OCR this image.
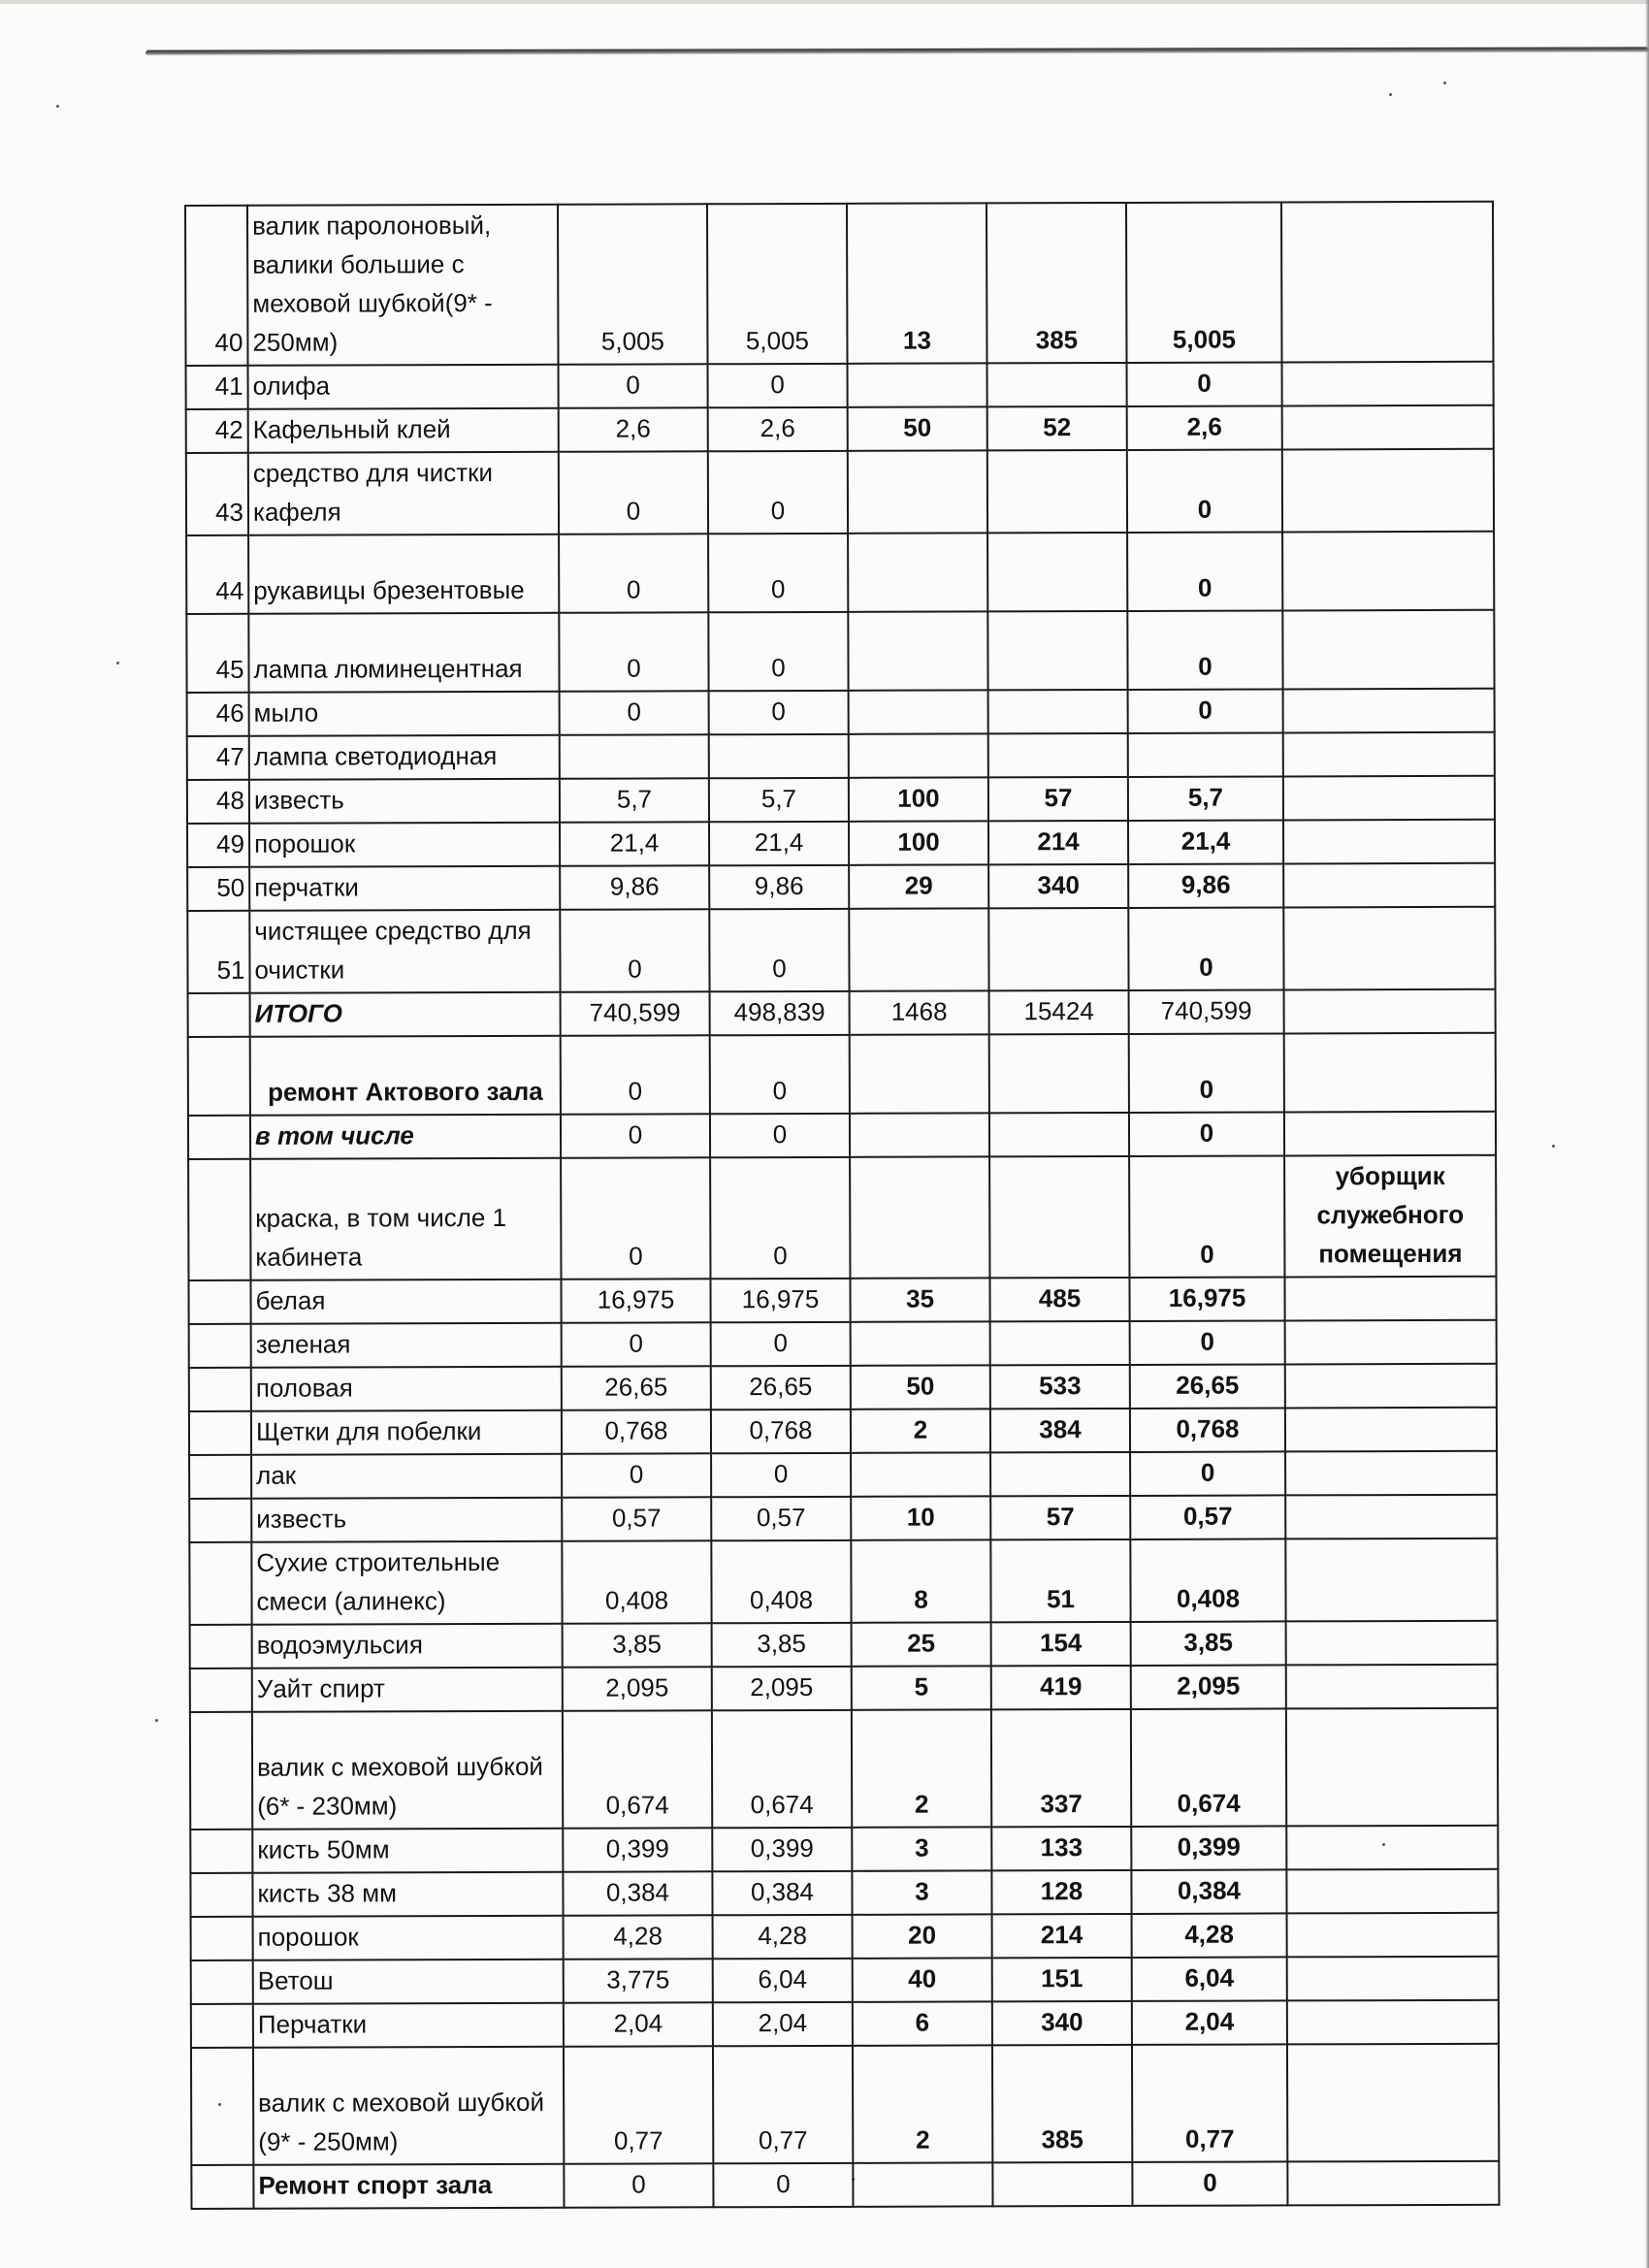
40	валик паролоновый, валики большие с меховой шубкой(9* - 250мм)	5,005	5,005	13	385	5,005	
41	олифа	0	0			0	
42	Кафельный клей	2,6	2,6	50	52	2,6	
43	средство для чистки кафеля	0	0			0	
44	рукавицы брезентовые	0	0			0	
45	лампа люминецентная	0	0			0	
46	мыло	0	0			0	
47	лампа светодиодная						
48	известь	5,7	5,7	100	57	5,7	
49	порошок	21,4	21,4	100	214	21,4	
50	перчатки	9,86	9,86	29	340	9,86	
51	чистящее средство для очистки	0	0			0	
	ИТОГО	740,599	498,839	1468	15424	740,599	
	ремонт Актового зала	0	0			0	
	в том числе	0	0			0	
	краска, в том числе 1 кабинета	0	0			0	уборщик служебного помещения
	белая	16,975	16,975	35	485	16,975	
	зеленая	0	0			0	
	половая	26,65	26,65	50	533	26,65	
	Щетки для побелки	0,768	0,768	2	384	0,768	
	лак	0	0			0	
	известь	0,57	0,57	10	57	0,57	
	Сухие строительные смеси (алинекс)	0,408	0,408	8	51	0,408	
	водоэмульсия	3,85	3,85	25	154	3,85	
	Уайт спирт	2,095	2,095	5	419	2,095	
	валик с меховой шубкой (6* - 230мм)	0,674	0,674	2	337	0,674	
	кисть 50мм	0,399	0,399	3	133	0,399	
	кисть 38 мм	0,384	0,384	3	128	0,384	
	порошок	4,28	4,28	20	214	4,28	
	Ветош	3,775	6,04	40	151	6,04	
	Перчатки	2,04	2,04	6	340	2,04	
	валик с меховой шубкой (9* - 250мм)	0,77	0,77	2	385	0,77	
	Ремонт спорт зала	0	0			0	
